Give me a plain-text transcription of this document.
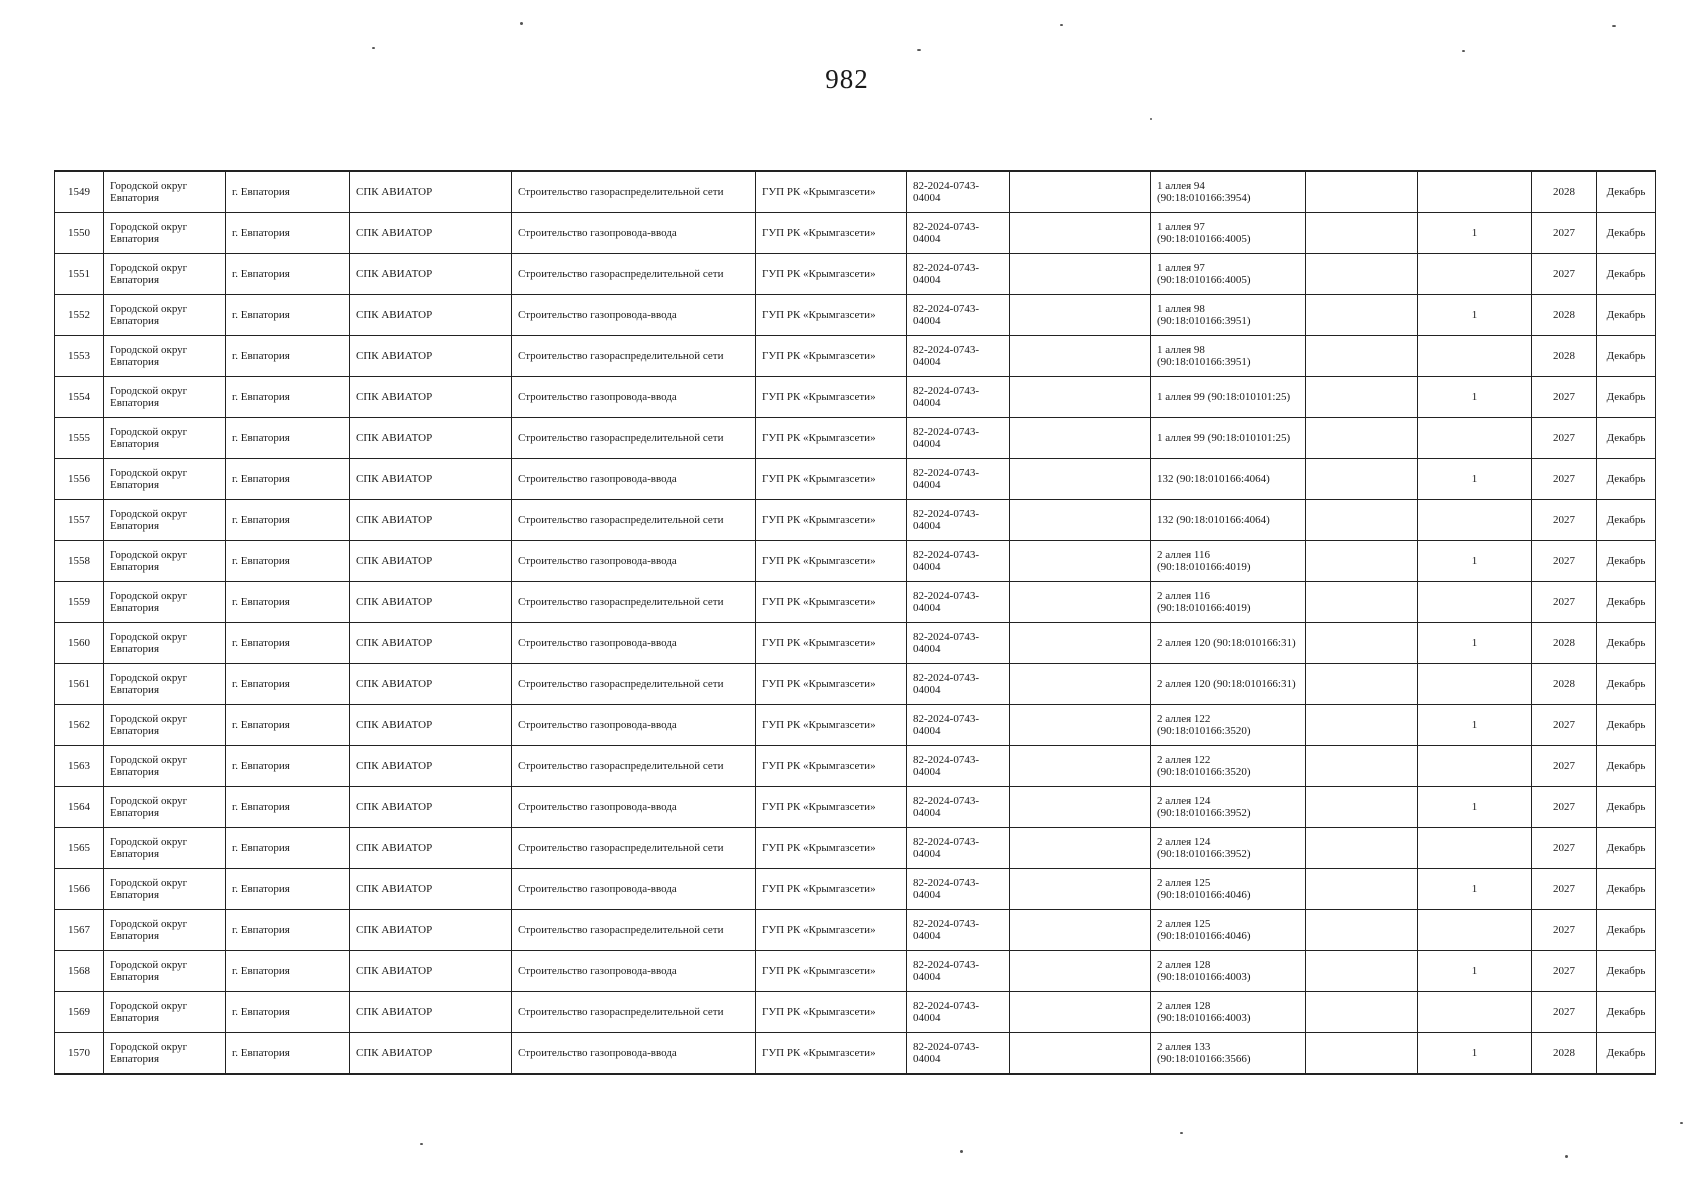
982
1549	Городской округ Евпатория	г. Евпатория	СПК АВИАТОР	Строительство газораспределительной сети	ГУП РК «Крымгазсети»	82-2024-0743-04004		1 аллея 94 (90:18:010166:3954)			2028	Декабрь
1550	Городской округ Евпатория	г. Евпатория	СПК АВИАТОР	Строительство газопровода-ввода	ГУП РК «Крымгазсети»	82-2024-0743-04004		1 аллея 97 (90:18:010166:4005)		1	2027	Декабрь
1551	Городской округ Евпатория	г. Евпатория	СПК АВИАТОР	Строительство газораспределительной сети	ГУП РК «Крымгазсети»	82-2024-0743-04004		1 аллея 97 (90:18:010166:4005)			2027	Декабрь
1552	Городской округ Евпатория	г. Евпатория	СПК АВИАТОР	Строительство газопровода-ввода	ГУП РК «Крымгазсети»	82-2024-0743-04004		1 аллея 98 (90:18:010166:3951)		1	2028	Декабрь
1553	Городской округ Евпатория	г. Евпатория	СПК АВИАТОР	Строительство газораспределительной сети	ГУП РК «Крымгазсети»	82-2024-0743-04004		1 аллея 98 (90:18:010166:3951)			2028	Декабрь
1554	Городской округ Евпатория	г. Евпатория	СПК АВИАТОР	Строительство газопровода-ввода	ГУП РК «Крымгазсети»	82-2024-0743-04004		1 аллея 99 (90:18:010101:25)		1	2027	Декабрь
1555	Городской округ Евпатория	г. Евпатория	СПК АВИАТОР	Строительство газораспределительной сети	ГУП РК «Крымгазсети»	82-2024-0743-04004		1 аллея 99 (90:18:010101:25)			2027	Декабрь
1556	Городской округ Евпатория	г. Евпатория	СПК АВИАТОР	Строительство газопровода-ввода	ГУП РК «Крымгазсети»	82-2024-0743-04004		132 (90:18:010166:4064)		1	2027	Декабрь
1557	Городской округ Евпатория	г. Евпатория	СПК АВИАТОР	Строительство газораспределительной сети	ГУП РК «Крымгазсети»	82-2024-0743-04004		132 (90:18:010166:4064)			2027	Декабрь
1558	Городской округ Евпатория	г. Евпатория	СПК АВИАТОР	Строительство газопровода-ввода	ГУП РК «Крымгазсети»	82-2024-0743-04004		2 аллея 116 (90:18:010166:4019)		1	2027	Декабрь
1559	Городской округ Евпатория	г. Евпатория	СПК АВИАТОР	Строительство газораспределительной сети	ГУП РК «Крымгазсети»	82-2024-0743-04004		2 аллея 116 (90:18:010166:4019)			2027	Декабрь
1560	Городской округ Евпатория	г. Евпатория	СПК АВИАТОР	Строительство газопровода-ввода	ГУП РК «Крымгазсети»	82-2024-0743-04004		2 аллея 120 (90:18:010166:31)		1	2028	Декабрь
1561	Городской округ Евпатория	г. Евпатория	СПК АВИАТОР	Строительство газораспределительной сети	ГУП РК «Крымгазсети»	82-2024-0743-04004		2 аллея 120 (90:18:010166:31)			2028	Декабрь
1562	Городской округ Евпатория	г. Евпатория	СПК АВИАТОР	Строительство газопровода-ввода	ГУП РК «Крымгазсети»	82-2024-0743-04004		2 аллея 122 (90:18:010166:3520)		1	2027	Декабрь
1563	Городской округ Евпатория	г. Евпатория	СПК АВИАТОР	Строительство газораспределительной сети	ГУП РК «Крымгазсети»	82-2024-0743-04004		2 аллея 122 (90:18:010166:3520)			2027	Декабрь
1564	Городской округ Евпатория	г. Евпатория	СПК АВИАТОР	Строительство газопровода-ввода	ГУП РК «Крымгазсети»	82-2024-0743-04004		2 аллея 124 (90:18:010166:3952)		1	2027	Декабрь
1565	Городской округ Евпатория	г. Евпатория	СПК АВИАТОР	Строительство газораспределительной сети	ГУП РК «Крымгазсети»	82-2024-0743-04004		2 аллея 124 (90:18:010166:3952)			2027	Декабрь
1566	Городской округ Евпатория	г. Евпатория	СПК АВИАТОР	Строительство газопровода-ввода	ГУП РК «Крымгазсети»	82-2024-0743-04004		2 аллея 125 (90:18:010166:4046)		1	2027	Декабрь
1567	Городской округ Евпатория	г. Евпатория	СПК АВИАТОР	Строительство газораспределительной сети	ГУП РК «Крымгазсети»	82-2024-0743-04004		2 аллея 125 (90:18:010166:4046)			2027	Декабрь
1568	Городской округ Евпатория	г. Евпатория	СПК АВИАТОР	Строительство газопровода-ввода	ГУП РК «Крымгазсети»	82-2024-0743-04004		2 аллея 128 (90:18:010166:4003)		1	2027	Декабрь
1569	Городской округ Евпатория	г. Евпатория	СПК АВИАТОР	Строительство газораспределительной сети	ГУП РК «Крымгазсети»	82-2024-0743-04004		2 аллея 128 (90:18:010166:4003)			2027	Декабрь
1570	Городской округ Евпатория	г. Евпатория	СПК АВИАТОР	Строительство газопровода-ввода	ГУП РК «Крымгазсети»	82-2024-0743-04004		2 аллея 133 (90:18:010166:3566)		1	2028	Декабрь
